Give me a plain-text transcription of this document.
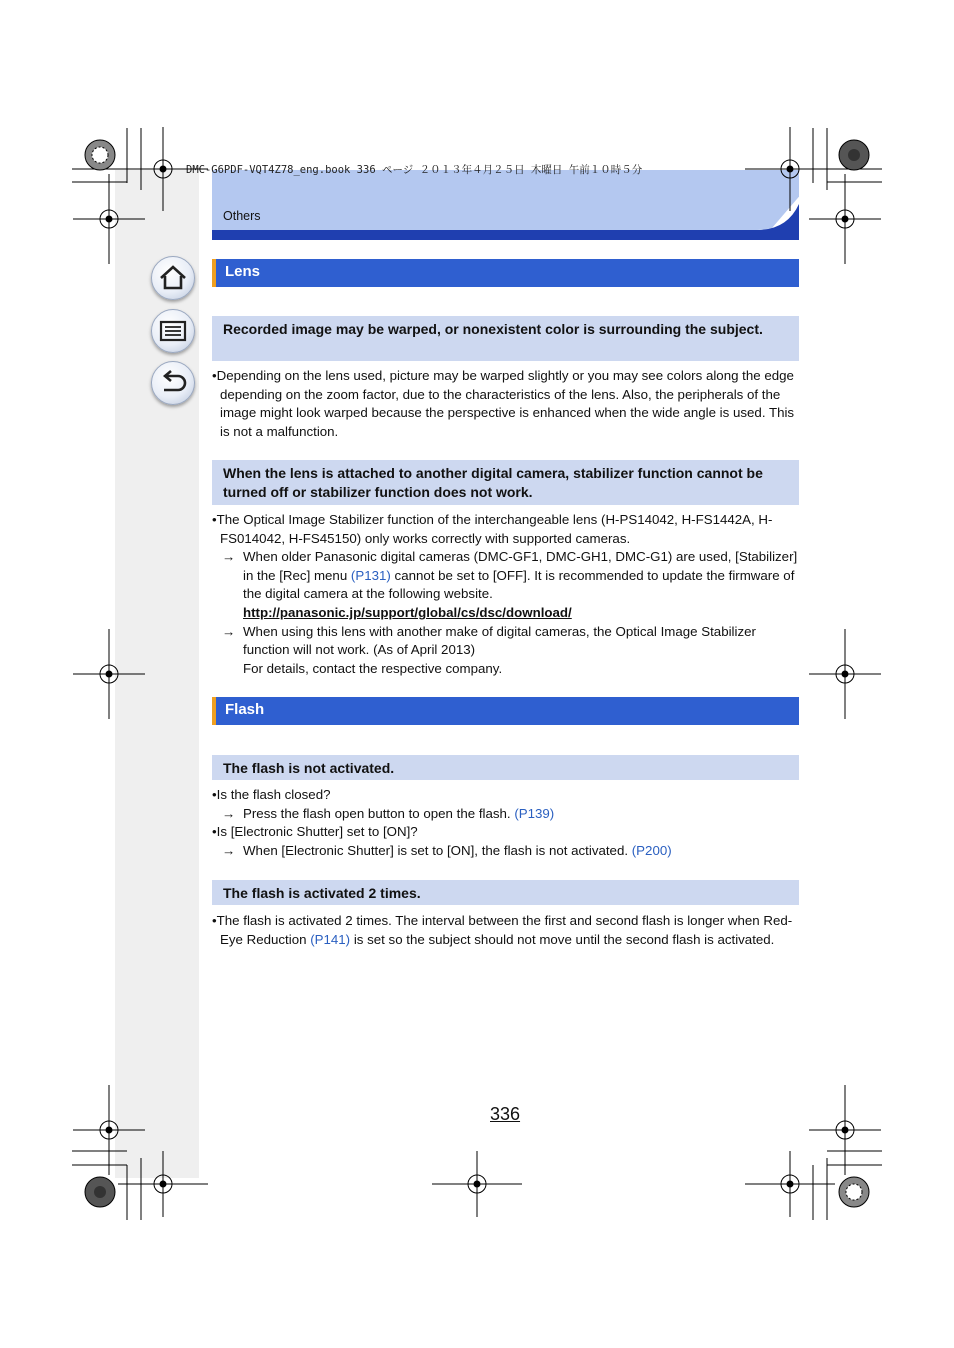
DMC-G6PDF-VQT4Z78_eng.book 336 ページ ２０１３年４月２５日 木曜日 午前１０時５分
Others
Lens
Recorded image may be warped, or nonexistent color is surrounding the subject.

•Depending on the lens used, picture may be warped slightly or you may see colors along the edge depending on the zoom factor, due to the characteristics of the lens. Also, the peripherals of the image might look warped because the perspective is enhanced when the wide angle is used. This is not a malfunction.

When the lens is attached to another digital camera, stabilizer function cannot be turned off or stabilizer function does not work.

•The Optical Image Stabilizer function of the interchangeable lens (H-PS14042, H-FS1442A, H-FS014042, H-FS45150) only works correctly with supported cameras.

→ When older Panasonic digital cameras (DMC-GF1, DMC-GH1, DMC-G1) are used, [Stabilizer] in the [Rec] menu (P131) cannot be set to [OFF]. It is recommended to update the firmware of the digital camera at the following website.
http://panasonic.jp/support/global/cs/dsc/download/

→ When using this lens with another make of digital cameras, the Optical Image Stabilizer function will not work. (As of April 2013)
For details, contact the respective company.

Flash
The flash is not activated.

•Is the flash closed?

→ Press the flash open button to open the flash. (P139)

•Is [Electronic Shutter] set to [ON]?

→ When [Electronic Shutter] is set to [ON], the flash is not activated. (P200)

The flash is activated 2 times.

•The flash is activated 2 times. The interval between the first and second flash is longer when Red-Eye Reduction (P141) is set so the subject should not move until the second flash is activated.

336
